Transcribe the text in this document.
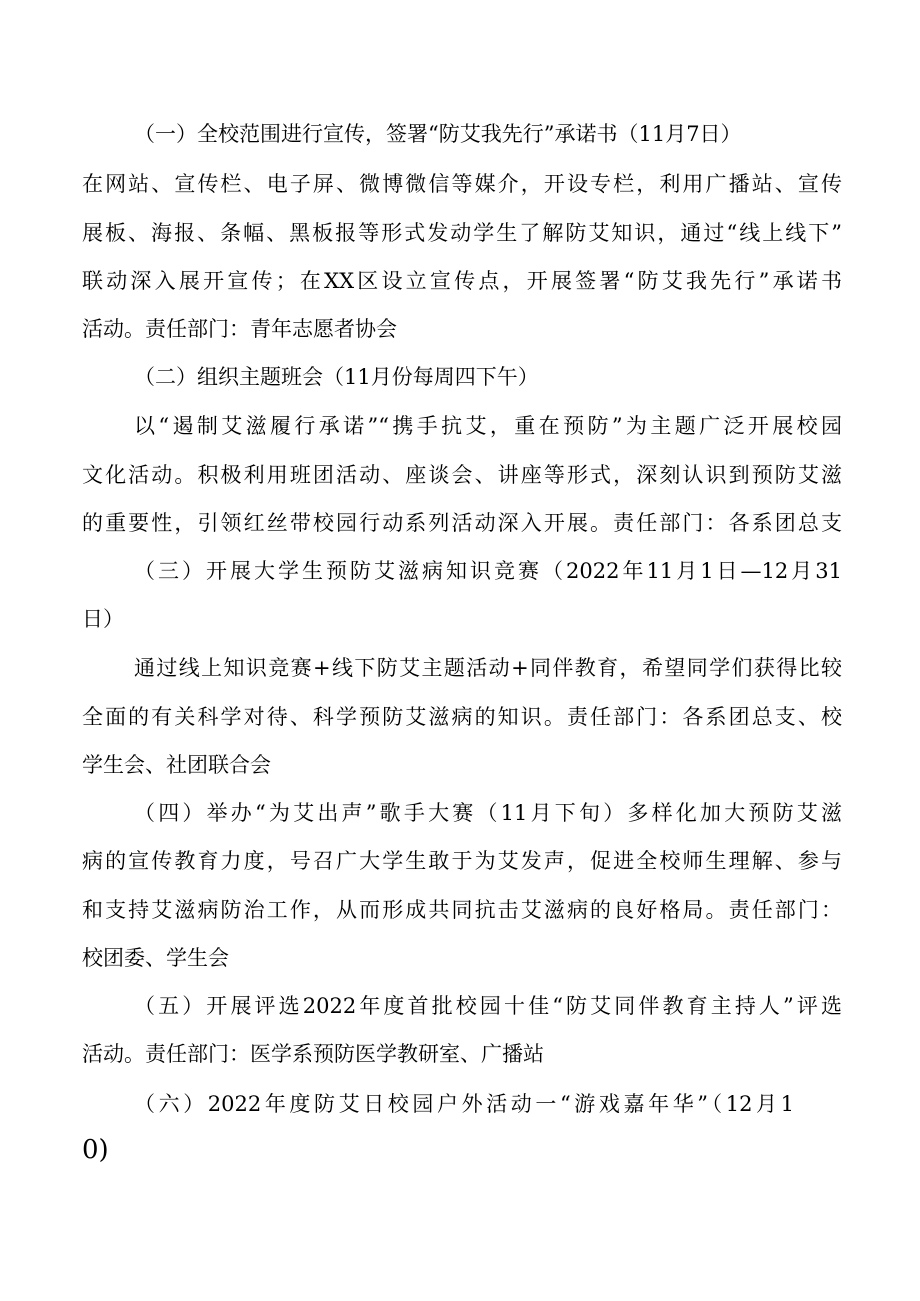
（一）全校范围进行宣传，签署“防艾我先行”承诺书（11月7日）
在网站、宣传栏、电子屏、微博微信等媒介，开设专栏，利用广播站、宣传
展板、海报、条幅、黑板报等形式发动学生了解防艾知识，通过“线上线下”
联动深入展开宣传；在XX区设立宣传点，开展签署“防艾我先行”承诺书
活动。责任部门：青年志愿者协会
（二）组织主题班会（11月份每周四下午）
以“遏制艾滋履行承诺”“携手抗艾，重在预防”为主题广泛开展校园
文化活动。积极利用班团活动、座谈会、讲座等形式，深刻认识到预防艾滋
的重要性，引领红丝带校园行动系列活动深入开展。责任部门：各系团总支
（三）开展大学生预防艾滋病知识竞赛（2022年11月1日—12月31
日）
通过线上知识竞赛+线下防艾主题活动+同伴教育，希望同学们获得比较
全面的有关科学对待、科学预防艾滋病的知识。责任部门：各系团总支、校
学生会、社团联合会
（四）举办“为艾出声”歌手大赛（11月下旬）多样化加大预防艾滋
病的宣传教育力度，号召广大学生敢于为艾发声，促进全校师生理解、参与
和支持艾滋病防治工作，从而形成共同抗击艾滋病的良好格局。责任部门：
校团委、学生会
（五）开展评选2022年度首批校园十佳“防艾同伴教育主持人”评选
活动。责任部门：医学系预防医学教研室、广播站
（六）2022年度防艾日校园户外活动一“游戏嘉年华”（12月1
0)
